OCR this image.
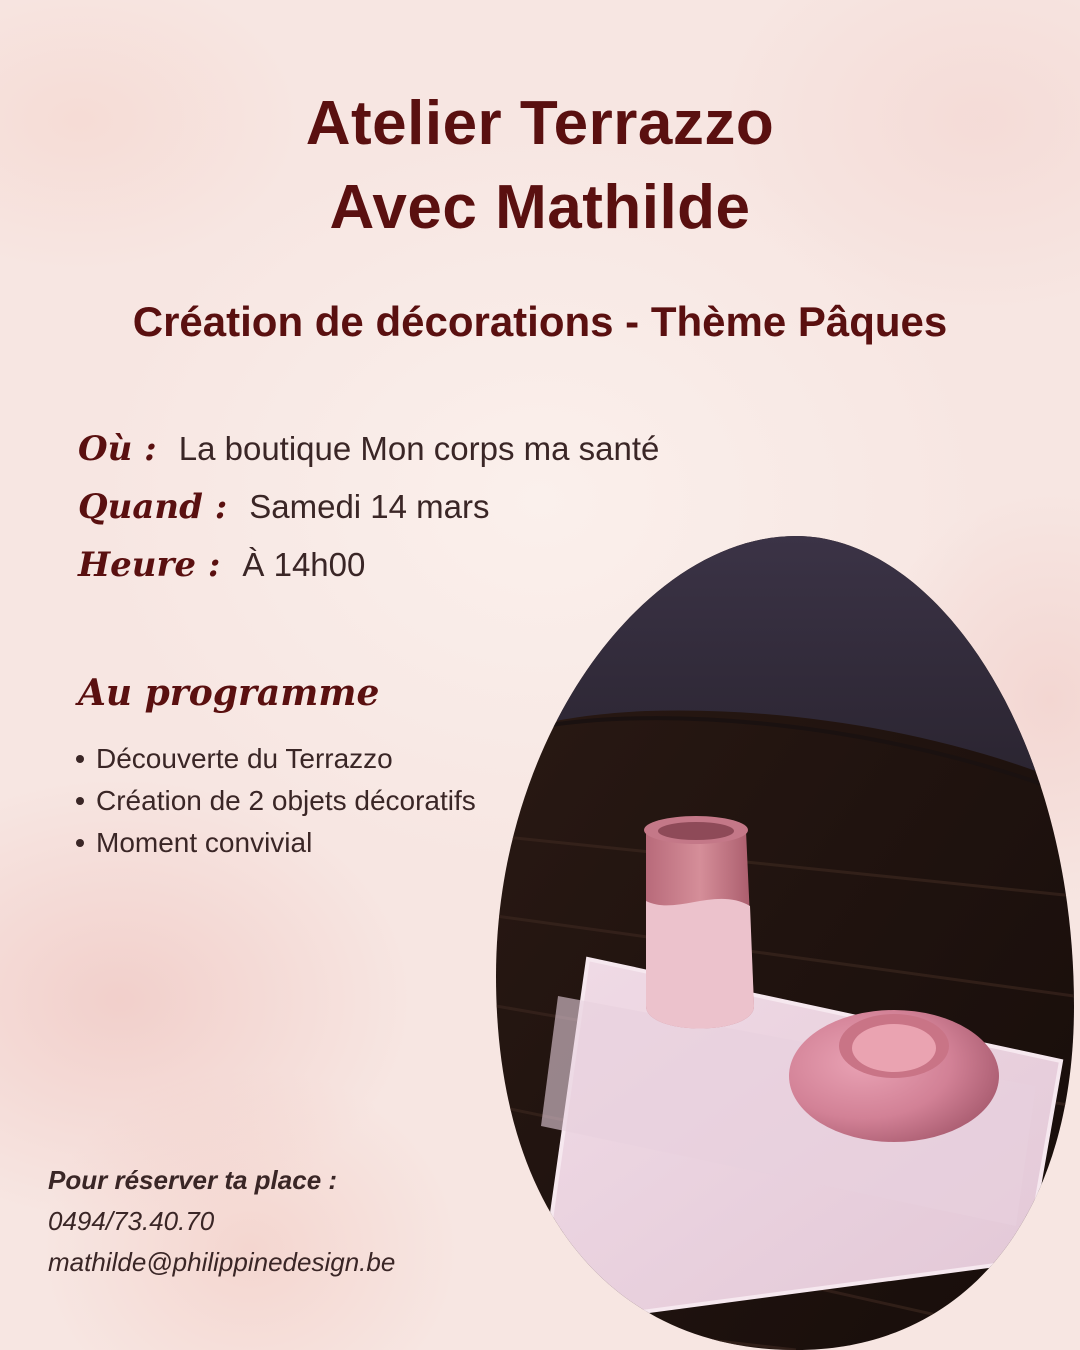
Atelier Terrazzo
Avec Mathilde
Création de décorations - Thème Pâques
Où : La boutique Mon corps ma santé
Quand : Samedi 14 mars
Heure : À 14h00
Au programme
Découverte du Terrazzo
Création de 2 objets décoratifs
Moment convivial
Pour réserver ta place :
0494/73.40.70
mathilde@philippinedesign.be
